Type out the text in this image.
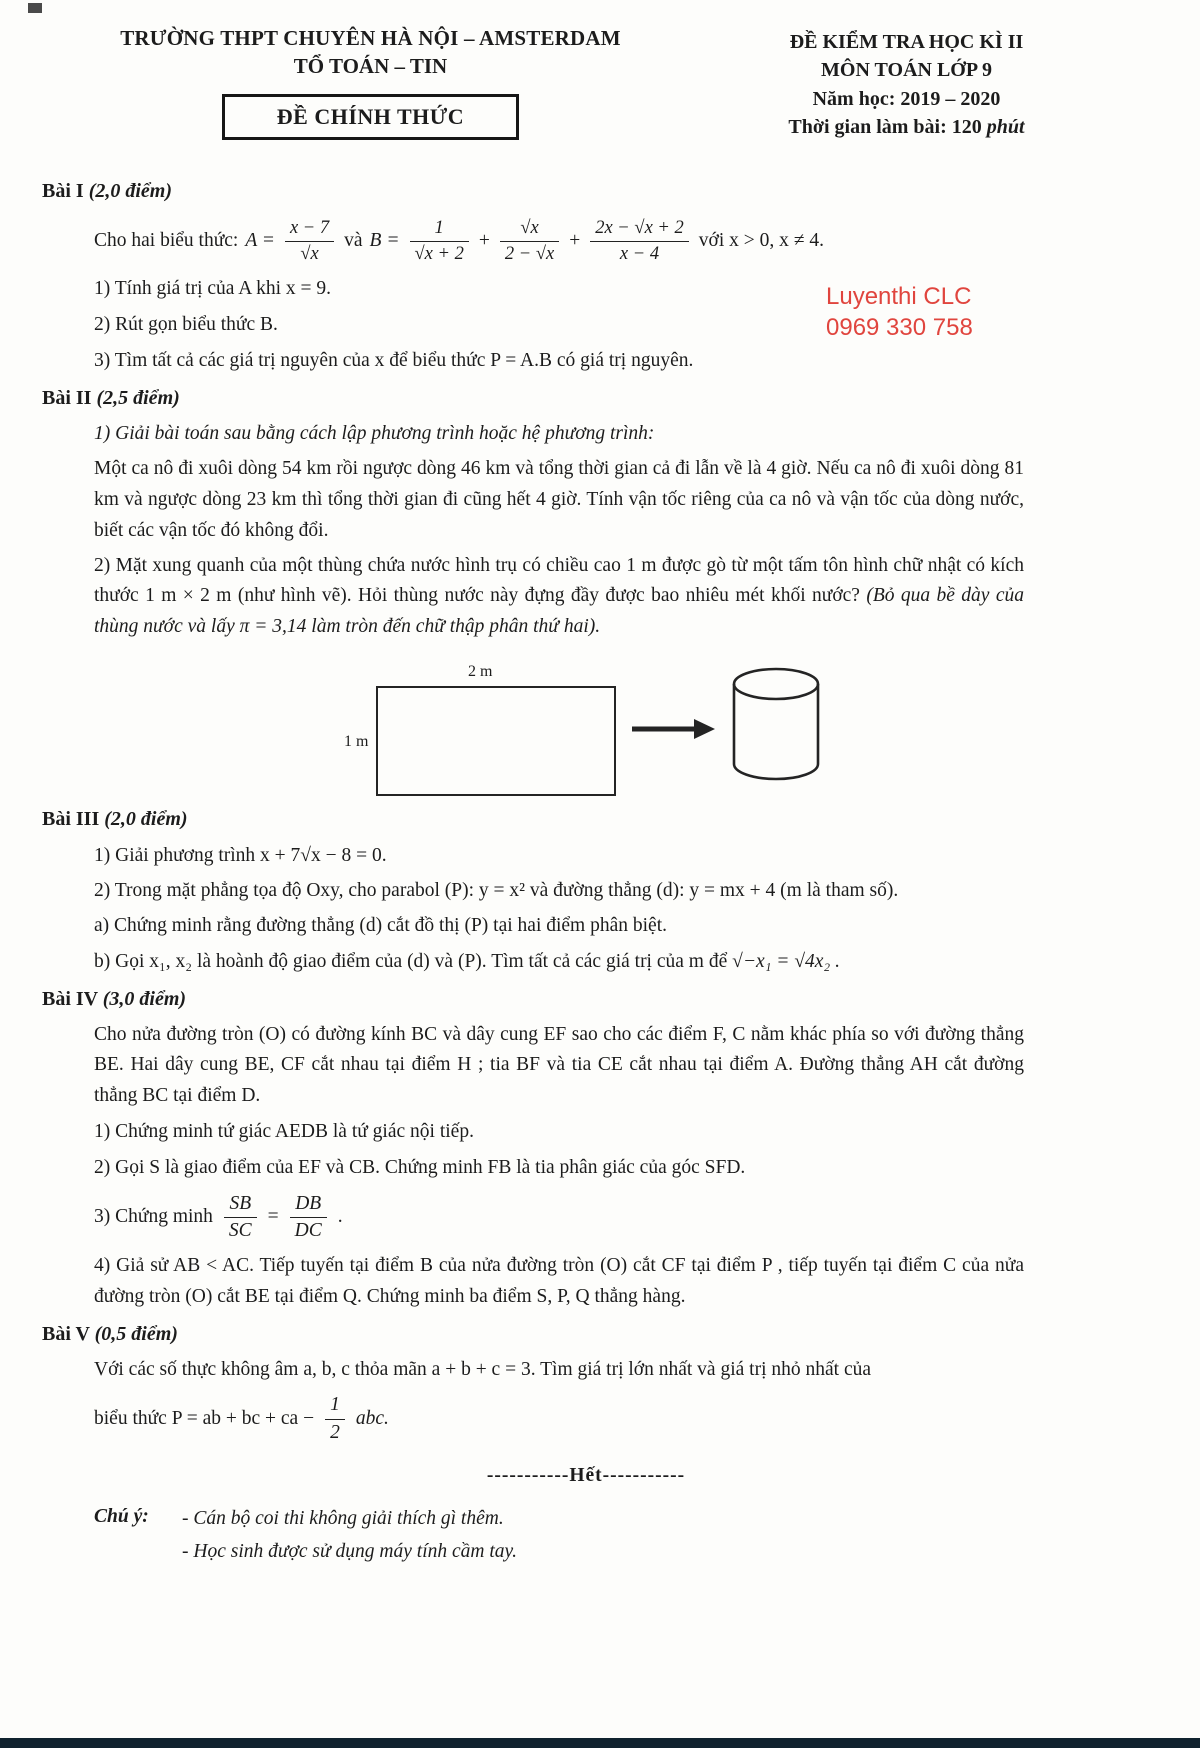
TRƯỜNG THPT CHUYÊN HÀ NỘI – AMSTERDAM
TỔ TOÁN – TIN
ĐỀ CHÍNH THỨC
ĐỀ KIỂM TRA HỌC KÌ II
MÔN TOÁN LỚP 9
Năm học: 2019 – 2020
Thời gian làm bài: 120 phút
Luyenthi CLC
0969 330 758
Bài I (2,0 điểm)
Cho hai biểu thức: $A = \frac{x - 7}{√x}$ và $B = \frac{1}{√x + 2} + \frac{√x}{2 - √x} + \frac{2x - √x + 2}{x - 4}$ với x > 0, x ≠ 4.
1) Tính giá trị của A khi x = 9.
2) Rút gọn biểu thức B.
3) Tìm tất cả các giá trị nguyên của x để biểu thức P = A.B có giá trị nguyên.
Bài II (2,5 điểm)
1) Giải bài toán sau bằng cách lập phương trình hoặc hệ phương trình:
Một ca nô đi xuôi dòng 54 km rồi ngược dòng 46 km và tổng thời gian cả đi lẫn về là 4 giờ. Nếu ca nô đi xuôi dòng 81 km và ngược dòng 23 km thì tổng thời gian đi cũng hết 4 giờ. Tính vận tốc riêng của ca nô và vận tốc của dòng nước, biết các vận tốc đó không đổi.
2) Mặt xung quanh của một thùng chứa nước hình trụ có chiều cao 1 m được gò từ một tấm tôn hình chữ nhật có kích thước 1 m × 2 m (như hình vẽ). Hỏi thùng nước này đựng đầy được bao nhiêu mét khối nước? (Bỏ qua bề dày của thùng nước và lấy π = 3,14 làm tròn đến chữ thập phân thứ hai).
2 m
1 m
Bài III (2,0 điểm)
1) Giải phương trình x + 7√x − 8 = 0.
2) Trong mặt phẳng tọa độ Oxy, cho parabol (P): y = x² và đường thẳng (d): y = mx + 4 (m là tham số).
a) Chứng minh rằng đường thẳng (d) cắt đồ thị (P) tại hai điểm phân biệt.
b) Gọi x₁, x₂ là hoành độ giao điểm của (d) và (P). Tìm tất cả các giá trị của m để √−x₁ = √4x₂ .
Bài IV (3,0 điểm)
Cho nửa đường tròn (O) có đường kính BC và dây cung EF sao cho các điểm F, C nằm khác phía so với đường thẳng BE. Hai dây cung BE, CF cắt nhau tại điểm H ; tia BF và tia CE cắt nhau tại điểm A. Đường thẳng AH cắt đường thẳng BC tại điểm D.
1) Chứng minh tứ giác AEDB là tứ giác nội tiếp.
2) Gọi S là giao điểm của EF và CB. Chứng minh FB là tia phân giác của góc SFD.
3) Chứng minh $\frac{SB}{SC} = \frac{DB}{DC}$ .
4) Giả sử AB < AC. Tiếp tuyến tại điểm B của nửa đường tròn (O) cắt CF tại điểm P , tiếp tuyến tại điểm C của nửa đường tròn (O) cắt BE tại điểm Q. Chứng minh ba điểm S, P, Q thẳng hàng.
Bài V (0,5 điểm)
Với các số thực không âm a, b, c thỏa mãn a + b + c = 3. Tìm giá trị lớn nhất và giá trị nhỏ nhất của
biểu thức P = ab + bc + ca − $\frac{1}{2}$ abc.
-----------Hết-----------
Chú ý:	- Cán bộ coi thi không giải thích gì thêm.
- Học sinh được sử dụng máy tính cầm tay.
